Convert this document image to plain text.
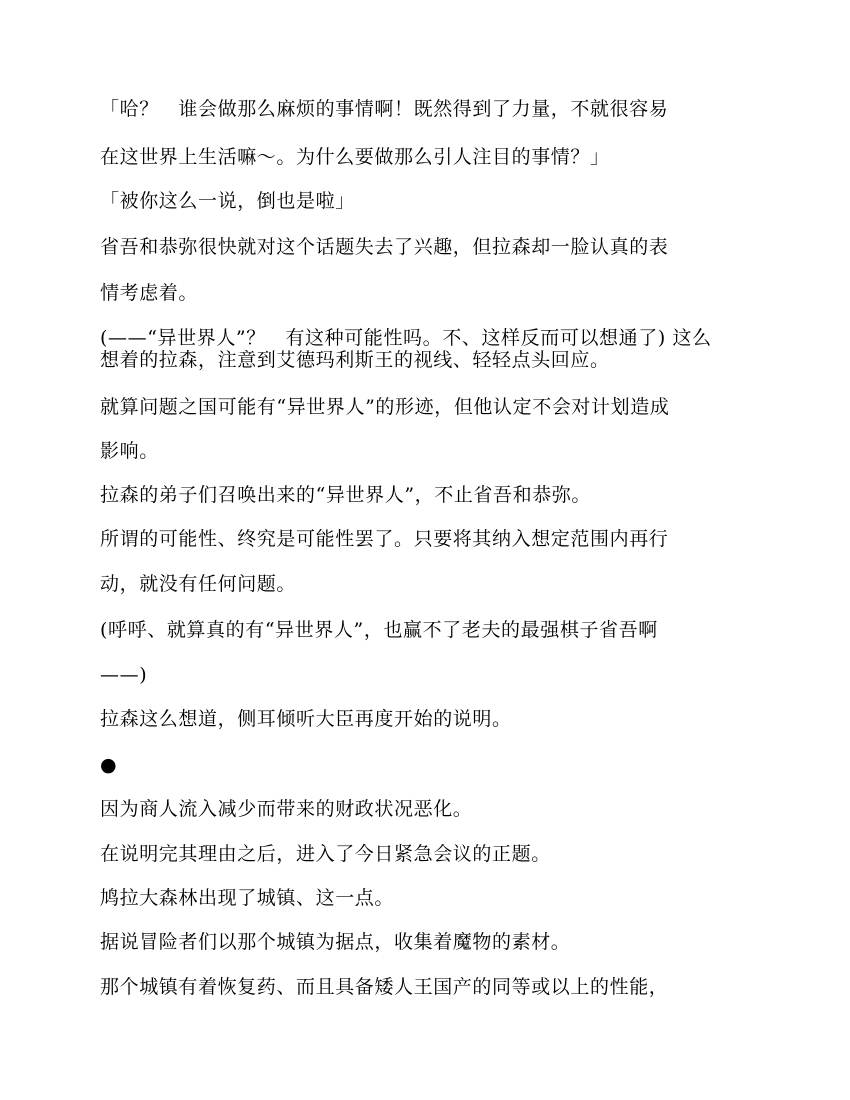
「哈？　谁会做那么麻烦的事情啊！既然得到了力量，不就很容易
在这世界上生活嘛～。为什么要做那么引人注目的事情？」
「被你这么一说，倒也是啦」
省吾和恭弥很快就对这个话题失去了兴趣，但拉森却一脸认真的表
情考虑着。
(——“异世界人”？　有这种可能性吗。不、这样反而可以想通了) 这么
想着的拉森，注意到艾德玛利斯王的视线、轻轻点头回应。
就算问题之国可能有“异世界人”的形迹，但他认定不会对计划造成
影响。
拉森的弟子们召唤出来的“异世界人”，不止省吾和恭弥。
所谓的可能性、终究是可能性罢了。只要将其纳入想定范围内再行
动，就没有任何问题。
(呼呼、就算真的有“异世界人”，也赢不了老夫的最强棋子省吾啊
——)
拉森这么想道，侧耳倾听大臣再度开始的说明。
●
因为商人流入减少而带来的财政状况恶化。
在说明完其理由之后，进入了今日紧急会议的正题。
鸠拉大森林出现了城镇、这一点。
据说冒险者们以那个城镇为据点，收集着魔物的素材。
那个城镇有着恢复药、而且具备矮人王国产的同等或以上的性能，
